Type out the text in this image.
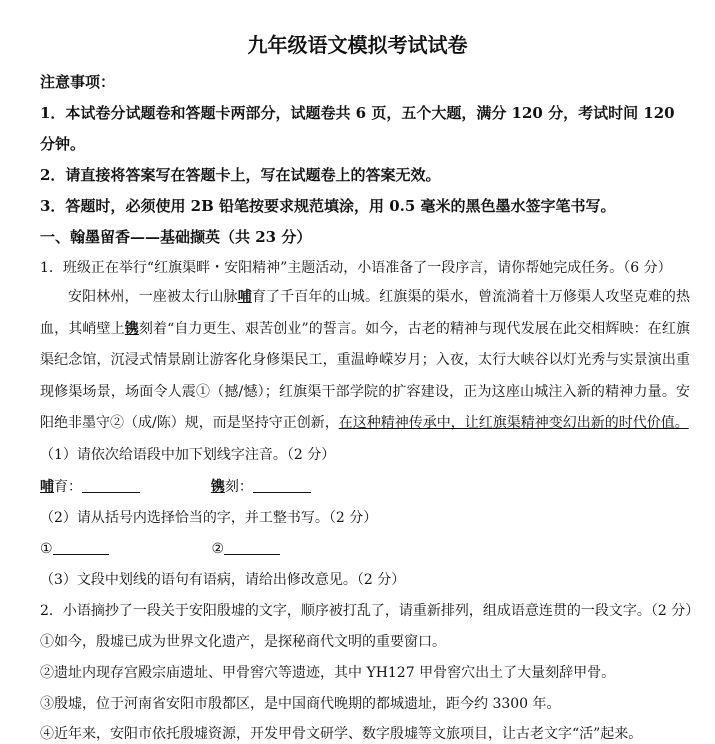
九年级语文模拟考试试卷
注意事项：
1．本试卷分试题卷和答题卡两部分，试题卷共 6 页，五个大题，满分 120 分，考试时间 120
分钟。
2．请直接将答案写在答题卡上，写在试题卷上的答案无效。
3．答题时，必须使用 2B 铅笔按要求规范填涂，用 0.5 毫米的黑色墨水签字笔书写。
一、翰墨留香——基础撷英（共 23 分）
1．班级正在举行“红旗渠畔・安阳精神”主题活动，小语准备了一段序言，请你帮她完成任务。（6 分）
安阳林州，一座被太行山脉哺育了千百年的山城。红旗渠的渠水，曾流淌着十万修渠人攻坚克难的热血，其峭壁上镌刻着“自力更生、艰苦创业”的誓言。如今，古老的精神与现代发展在此交相辉映：在红旗渠纪念馆，沉浸式情景剧让游客化身修渠民工，重温峥嵘岁月；入夜，太行大峡谷以灯光秀与实景演出重现修渠场景，场面令人震①（撼/憾）；红旗渠干部学院的扩容建设，正为这座山城注入新的精神力量。安阳绝非墨守②（成/陈）规，而是坚持守正创新，在这种精神传承中，让红旗渠精神变幻出新的时代价值。
（1）请依次给语段中加下划线字注音。（2 分）
哺育：	镌刻：
（2）请从括号内选择恰当的字，并工整书写。（2 分）
①	②
（3）文段中划线的语句有语病，请给出修改意见。（2 分）
2．小语摘抄了一段关于安阳殷墟的文字，顺序被打乱了，请重新排列，组成语意连贯的一段文字。（2 分）
①如今，殷墟已成为世界文化遗产，是探秘商代文明的重要窗口。
②遗址内现存宫殿宗庙遗址、甲骨窖穴等遗迹，其中 YH127 甲骨窖穴出土了大量刻辞甲骨。
③殷墟，位于河南省安阳市殷都区，是中国商代晚期的都城遗址，距今约 3300 年。
④近年来，安阳市依托殷墟资源，开发甲骨文研学、数字殷墟等文旅项目，让古老文字“活”起来。
